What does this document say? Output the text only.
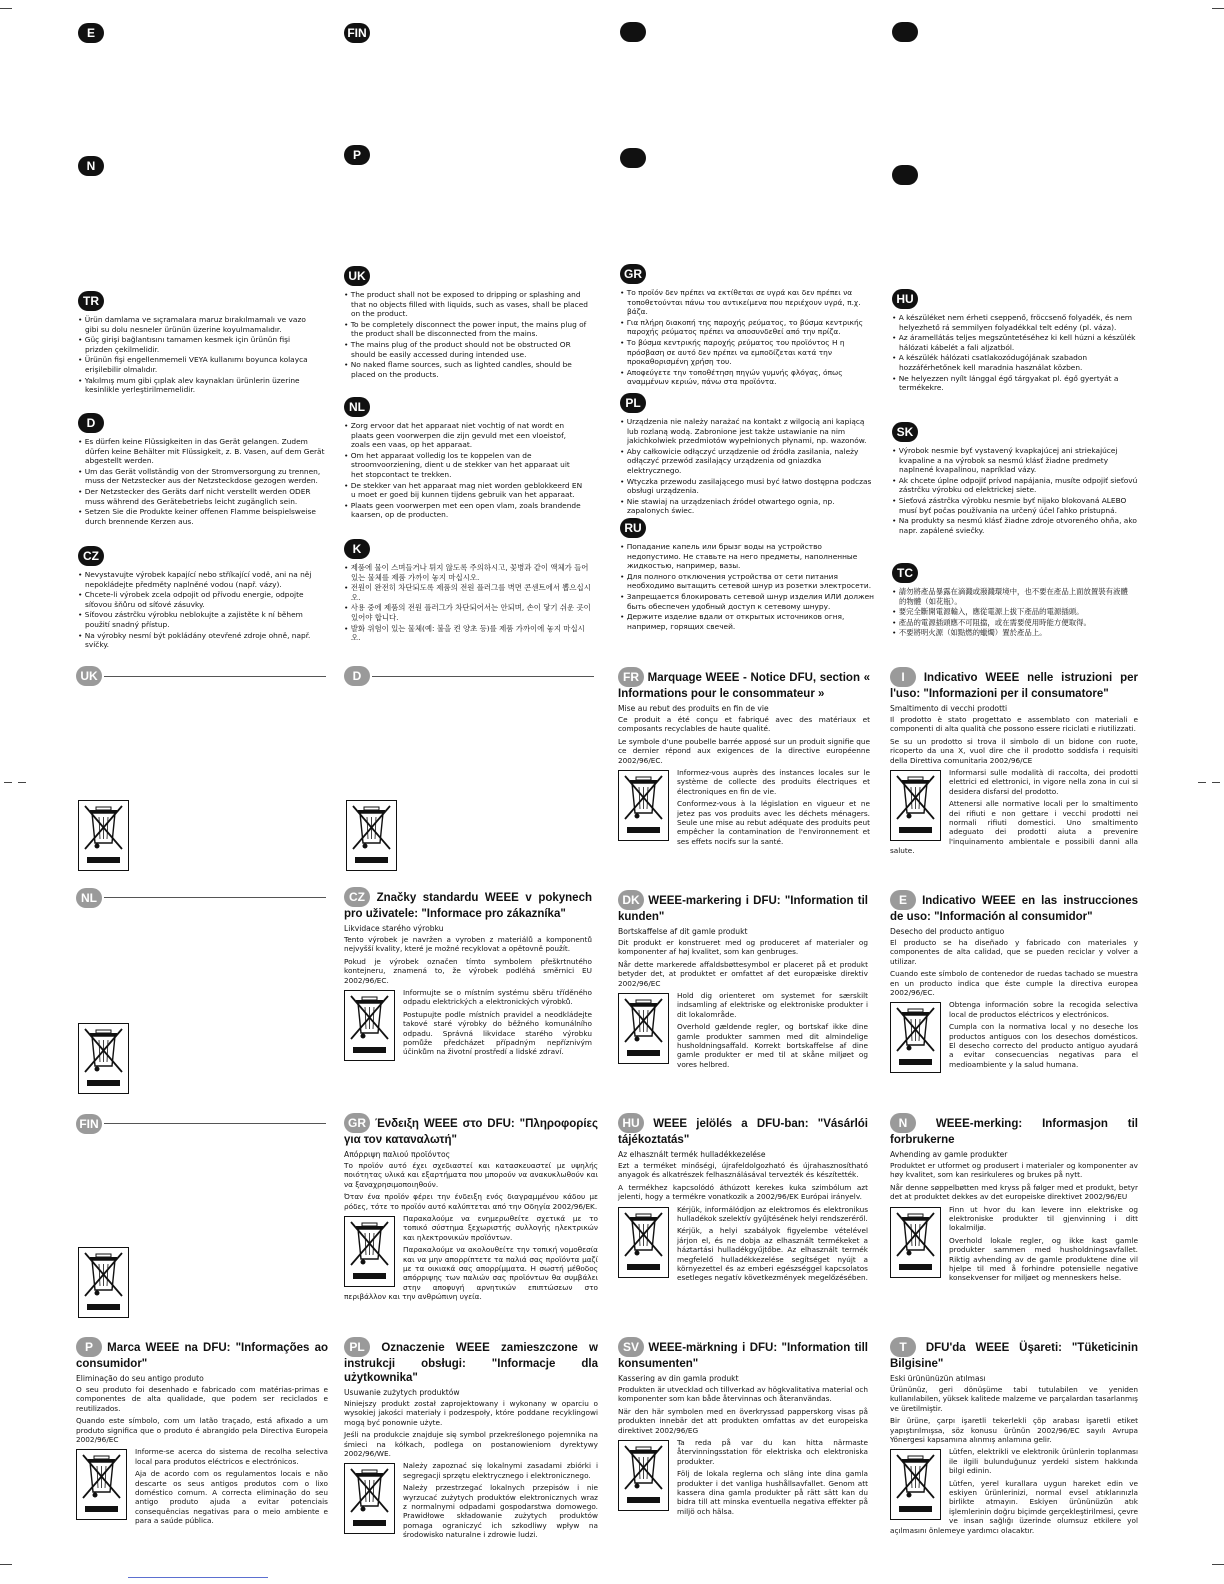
E	FIN
N
P
TR
• Ürün damlama ve sıçramalara maruz bırakılmamalı ve vazo gibi su dolu nesneler ürünün üzerine koyulmamalıdır.
• Güç girişi bağlantısını tamamen kesmek için ürünün fişi prizden çekilmelidir.
• Ürünün fişi engellenmemeli VEYA kullanımı boyunca kolayca erişilebilir olmalıdır.
• Yakılmış mum gibi çıplak alev kaynakları ürünlerin üzerine kesinlikle yerleştirilmemelidir.
D
• Es dürfen keine Flüssigkeiten in das Gerät gelangen. Zudem dürfen keine Behälter mit Flüssigkeit, z. B. Vasen, auf dem Gerät abgestellt werden.
• Um das Gerät vollständig von der Stromversorgung zu trennen, muss der Netzstecker aus der Netzsteckdose gezogen werden.
• Der Netzstecker des Geräts darf nicht verstellt werden ODER muss während des Gerätebetriebs leicht zugänglich sein.
• Setzen Sie die Produkte keiner offenen Flamme beispielsweise durch brennende Kerzen aus.
CZ
• Nevystavujte výrobek kapající nebo stříkající vodě, ani na něj nepokládejte předměty naplněné vodou (např. vázy).
• Chcete-li výrobek zcela odpojit od přívodu energie, odpojte síťovou šňůru od síťové zásuvky.
• Síťovou zástrčku výrobku neblokujte a zajistěte k ní během použití snadný přístup.
• Na výrobky nesmí být pokládány otevřené zdroje ohně, např. svíčky.
UK
• The product shall not be exposed to dripping or splashing and that no objects filled with liquids, such as vases, shall be placed on the product.
• To be completely disconnect the power input, the mains plug of the product shall be disconnected from the mains.
• The mains plug of the product should not be obstructed OR should be easily accessed during intended use.
• No naked flame sources, such as lighted candles, should be placed on the products.
NL
• Zorg ervoor dat het apparaat niet vochtig of nat wordt en plaats geen voorwerpen die zijn gevuld met een vloeistof, zoals een vaas, op het apparaat.
• Om het apparaat volledig los te koppelen van de stroomvoorziening, dient u de stekker van het apparaat uit het stopcontact te trekken.
• De stekker van het apparaat mag niet worden geblokkeerd EN u moet er goed bij kunnen tijdens gebruik van het apparaat.
• Plaats geen voorwerpen met een open vlam, zoals brandende kaarsen, op de producten.
K
• 제품에 물이 스며들거나 튀지 않도록 주의하시고, 꽃병과 같이 액체가 들어있는 물체를 제품 가까이 놓지 마십시오.
• 전원이 완전히 차단되도록 제품의 전원 플러그를 벽면 콘센트에서 뽑으십시오.
• 사용 중에 제품의 전원 플러그가 차단되어서는 안되며, 손이 닿기 쉬운 곳이 있어야 합니다.
• 발화 위험이 있는 물체(예: 불을 켠 양초 등)를 제품 가까이에 놓지 마십시오.
GR
• Το προϊόν δεν πρέπει να εκτίθεται σε υγρά και δεν πρέπει να τοποθετούνται πάνω του αντικείμενα που περιέχουν υγρά, π.χ. βάζα.
• Για πλήρη διακοπή της παροχής ρεύματος, το βύσμα κεντρικής παροχής ρεύματος πρέπει να αποσυνδεθεί από την πρίζα.
• Το βύσμα κεντρικής παροχής ρεύματος του προϊόντος Η η πρόσβαση σε αυτό δεν πρέπει να εμποδίζεται κατά την προκαθορισμένη χρήση του.
• Αποφεύγετε την τοποθέτηση πηγών γυμνής φλόγας, όπως αναμμένων κεριών, πάνω στα προϊόντα.
PL
• Urządzenia nie należy narażać na kontakt z wilgocią ani kapiącą lub rozlaną wodą. Zabronione jest także ustawianie na nim jakichkolwiek przedmiotów wypełnionych płynami, np. wazonów.
• Aby całkowicie odłączyć urządzenie od źródła zasilania, należy odłączyć przewód zasilający urządzenia od gniazdka elektrycznego.
• Wtyczka przewodu zasilającego musi być łatwo dostępna podczas obsługi urządzenia.
• Nie stawiaj na urządzeniach źródeł otwartego ognia, np. zapalonych świec.
RU
• Попадание капель или брызг воды на устройство недопустимо. Не ставьте на него предметы, наполненные жидкостью, например, вазы.
• Для полного отключения устройства от сети питания необходимо вытащить сетевой шнур из розетки электросети.
• Запрещается блокировать сетевой шнур изделия ИЛИ должен быть обеспечен удобный доступ к сетевому шнуру.
• Держите изделие вдали от открытых источников огня, например, горящих свечей.
HU
• A készüléket nem érheti cseppenő, fröccsenő folyadék, és nem helyezhető rá semmilyen folyadékkal telt edény (pl. váza).
• Az áramellátás teljes megszüntetéséhez ki kell húzni a készülék hálózati kábelét a fali aljzatból.
• A készülék hálózati csatlakozódugójának szabadon hozzáférhetőnek kell maradnia használat közben.
• Ne helyezzen nyílt lánggal égő tárgyakat pl. égő gyertyát a termékekre.
SK
• Výrobok nesmie byť vystavený kvapkajúcej ani striekajúcej kvapaline a na výrobok sa nesmú klásť žiadne predmety naplnené kvapalinou, napríklad vázy.
• Ak chcete úplne odpojiť prívod napájania, musíte odpojiť sieťovú zástrčku výrobku od elektrickej siete.
• Sieťová zástrčka výrobku nesmie byť nijako blokovaná ALEBO musí byť počas používania na určený účel ľahko prístupná.
• Na produkty sa nesmú klásť žiadne zdroje otvoreného ohňa, ako napr. zapálené sviečky.
TC
• 請勿將產品暴露在滴濺或潑濺環境中，也不要在產品上面放置裝有液體的物體（如花瓶）。
• 要完全斷開電源輸入，應從電源上拔下產品的電源插頭。
• 產品的電源插頭應不可阻擋，或在需要使用時能方便取得。
• 不要將明火源（如點燃的蠟燭）置於產品上。
UK
NL
FIN
D	FR Marquage WEEE - Notice DFU, section « Informations pour le consommateur »
Mise au rebut des produits en fin de vie

Ce produit a été conçu et fabriqué avec des matériaux et composants recyclables de haute qualité.

Le symbole d'une poubelle barrée apposé sur un produit signifie que ce dernier répond aux exigences de la directive européenne 2002/96/EC.

Informez-vous auprès des instances locales sur le système de collecte des produits électriques et électroniques en fin de vie.

Conformez-vous à la législation en vigueur et ne jetez pas vos produits avec les déchets ménagers. Seule une mise au rebut adéquate des produits peut empêcher la contamination de l'environnement et ses effets nocifs sur la santé.

I Indicativo WEEE nelle istruzioni per l'uso: "Informazioni per il consumatore"
Smaltimento di vecchi prodotti

Il prodotto è stato progettato e assemblato con materiali e componenti di alta qualità che possono essere riciclati e riutilizzati.

Se su un prodotto si trova il simbolo di un bidone con ruote, ricoperto da una X, vuol dire che il prodotto soddisfa i requisiti della Direttiva comunitaria 2002/96/CE

Informarsi sulle modalità di raccolta, dei prodotti elettrici ed elettronici, in vigore nella zona in cui si desidera disfarsi del prodotto.

Attenersi alle normative locali per lo smaltimento dei rifiuti e non gettare i vecchi prodotti nei normali rifiuti domestici. Uno smaltimento adeguato dei prodotti aiuta a prevenire l'inquinamento ambientale e possibili danni alla salute.

CZ Značky standardu WEEE v pokynech pro uživatele: "Informace pro zákazníka"
Likvidace starého výrobku

Tento výrobek je navržen a vyroben z materiálů a komponentů nejvyšší kvality, které je možné recyklovat a opětovně použít.

Pokud je výrobek označen tímto symbolem přeškrtnutého kontejneru, znamená to, že výrobek podléhá směrnici EU 2002/96/EC.

Informujte se o místním systému sběru tříděného odpadu elektrických a elektronických výrobků.

Postupujte podle místních pravidel a neodkládejte takové staré výrobky do běžného komunálního odpadu. Správná likvidace starého výrobku pomůže předcházet případným nepříznivým účinkům na životní prostředí a lidské zdraví.

DK WEEE-markering i DFU: "Information til kunden"
Bortskaffelse af dit gamle produkt

Dit produkt er konstrueret med og produceret af materialer og komponenter af høj kvalitet, som kan genbruges.

Når dette markerede affaldsbøttesymbol er placeret på et produkt betyder det, at produktet er omfattet af det europæiske direktiv 2002/96/EC

Hold dig orienteret om systemet for særskilt indsamling af elektriske og elektroniske produkter i dit lokalområde.

Overhold gældende regler, og bortskaf ikke dine gamle produkter sammen med dit almindelige husholdningsaffald. Korrekt bortskaffelse af dine gamle produkter er med til at skåne miljøet og vores helbred.

E Indicativo WEEE en las instrucciones de uso: "Información al consumidor"
Desecho del producto antiguo

El producto se ha diseñado y fabricado con materiales y componentes de alta calidad, que se pueden reciclar y volver a utilizar.

Cuando este símbolo de contenedor de ruedas tachado se muestra en un producto indica que éste cumple la directiva europea 2002/96/EC.

Obtenga información sobre la recogida selectiva local de productos eléctricos y electrónicos.

Cumpla con la normativa local y no deseche los productos antiguos con los desechos domésticos. El desecho correcto del producto antiguo ayudará a evitar consecuencias negativas para el medioambiente y la salud humana.

GR Ένδειξη WEEE στο DFU: "Πληροφορίες για τον καταναλωτή"
Απόρριψη παλιού προϊόντος

Το προϊόν αυτό έχει σχεδιαστεί και κατασκευαστεί με υψηλής ποιότητας υλικά και εξαρτήματα που μπορούν να ανακυκλωθούν και να ξαναχρησιμοποιηθούν.

Όταν ένα προϊόν φέρει την ένδειξη ενός διαγραμμένου κάδου με ρόδες, τότε το προϊόν αυτό καλύπτεται από την Οδηγία 2002/96/ΕΚ.

Παρακαλούμε να ενημερωθείτε σχετικά με το τοπικό σύστημα ξεχωριστής συλλογής ηλεκτρικών και ηλεκτρονικών προϊόντων.

Παρακαλούμε να ακολουθείτε την τοπική νομοθεσία και να μην απορρίπτετε τα παλιά σας προϊόντα μαζί με τα οικιακά σας απορρίμματα. Η σωστή μέθοδος απόρριψης των παλιών σας προϊόντων θα συμβάλει στην αποφυγή αρνητικών επιπτώσεων στο περιβάλλον και την ανθρώπινη υγεία.

HU WEEE jelölés a DFU-ban: "Vásárlói tájékoztatás"
Az elhasznált termék hulladékkezelése

Ezt a terméket minőségi, újrafeldolgozható és újrahasznosítható anyagok és alkatrészek felhasználásával tervezték és készítették.

A termékhez kapcsolódó áthúzott kerekes kuka szimbólum azt jelenti, hogy a termékre vonatkozik a 2002/96/EK Európai irányelv.

Kérjük, informálódjon az elektromos és elektronikus hulladékok szelektív gyűjtésének helyi rendszeréről.

Kérjük, a helyi szabályok figyelembe vételével járjon el, és ne dobja az elhasznált termékeket a háztartási hulladékgyűjtőbe. Az elhasznált termék megfelelő hulladékkezelése segítséget nyújt a környezettel és az emberi egészséggel kapcsolatos esetleges negatív következmények megelőzésében.

N WEEE-merking: Informasjon til forbrukerne
Avhending av gamle produkter

Produktet er utformet og produsert i materialer og komponenter av høy kvalitet, som kan resirkuleres og brukes på nytt.

Når denne søppelbøtten med kryss på følger med et produkt, betyr det at produktet dekkes av det europeiske direktivet 2002/96/EU

Finn ut hvor du kan levere inn elektriske og elektroniske produkter til gjenvinning i ditt lokalmiljø.

Overhold lokale regler, og ikke kast gamle produkter sammen med husholdningsavfallet. Riktig avhending av de gamle produktene dine vil hjelpe til med å forhindre potensielle negative konsekvenser for miljøet og menneskers helse.

P Marca WEEE na DFU: "Informações ao consumidor"
Eliminação do seu antigo produto

O seu produto foi desenhado e fabricado com matérias-primas e componentes de alta qualidade, que podem ser reciclados e reutilizados.

Quando este símbolo, com um latão traçado, está afixado a um produto significa que o produto é abrangido pela Directiva Europeia 2002/96/EC

Informe-se acerca do sistema de recolha selectiva local para produtos eléctricos e electrónicos.

Aja de acordo com os regulamentos locais e não descarte os seus antigos produtos com o lixo doméstico comum. A correcta eliminação do seu antigo produto ajuda a evitar potenciais consequências negativas para o meio ambiente e para a saúde pública.

PL Oznaczenie WEEE zamieszczone w instrukcji obsługi: "Informacje dla użytkownika"
Usuwanie zużytych produktów

Niniejszy produkt został zaprojektowany i wykonany w oparciu o wysokiej jakości materiały i podzespoły, które poddane recyklingowi mogą być ponownie użyte.

Jeśli na produkcie znajduje się symbol przekreślonego pojemnika na śmieci na kółkach, podlega on postanowieniom dyrektywy 2002/96/WE.

Należy zapoznać się lokalnymi zasadami zbiórki i segregacji sprzętu elektrycznego i elektronicznego.

Należy przestrzegać lokalnych przepisów i nie wyrzucać zużytych produktów elektronicznych wraz z normalnymi odpadami gospodarstwa domowego. Prawidłowe składowanie zużytych produktów pomaga ograniczyć ich szkodliwy wpływ na środowisko naturalne i zdrowie ludzi.

SV WEEE-märkning i DFU: "Information till konsumenten"
Kassering av din gamla produkt

Produkten är utvecklad och tillverkad av högkvalitativa material och komponenter som kan både återvinnas och återanvändas.

När den här symbolen med en överkryssad papperskorg visas på produkten innebär det att produkten omfattas av det europeiska direktivet 2002/96/EG

Ta reda på var du kan hitta närmaste återvinningsstation för elektriska och elektroniska produkter.

Följ de lokala reglerna och släng inte dina gamla produkter i det vanliga hushållsavfallet. Genom att kassera dina gamla produkter på rätt sätt kan du bidra till att minska eventuella negativa effekter på miljö och hälsa.

T DFU'da WEEE Üşareti: "Tüketicinin Bilgisine"
Eski ürününüzün atılması

Ürününüz, geri dönüşüme tabi tutulabilen ve yeniden kullanılabilen, yüksek kalitede malzeme ve parçalardan tasarlanmış ve üretilmiştir.

Bir ürüne, çarpı işaretli tekerlekli çöp arabası işaretli etiket yapıştırılmışsa, söz konusu ürünün 2002/96/EC sayılı Avrupa Yönergesi kapsamına alınmış anlamına gelir.

Lütfen, elektrikli ve elektronik ürünlerin toplanması ile ilgili bulunduğunuz yerdeki sistem hakkında bilgi edinin.

Lütfen, yerel kurallara uygun hareket edin ve eskiyen ürünlerinizi, normal evsel atıklarınızla birlikte atmayın. Eskiyen ürününüzün atık işlemlerinin doğru biçimde gerçekleştirilmesi, çevre ve insan sağlığı üzerinde olumsuz etkilere yol açılmasını önlemeye yardımcı olacaktır.
